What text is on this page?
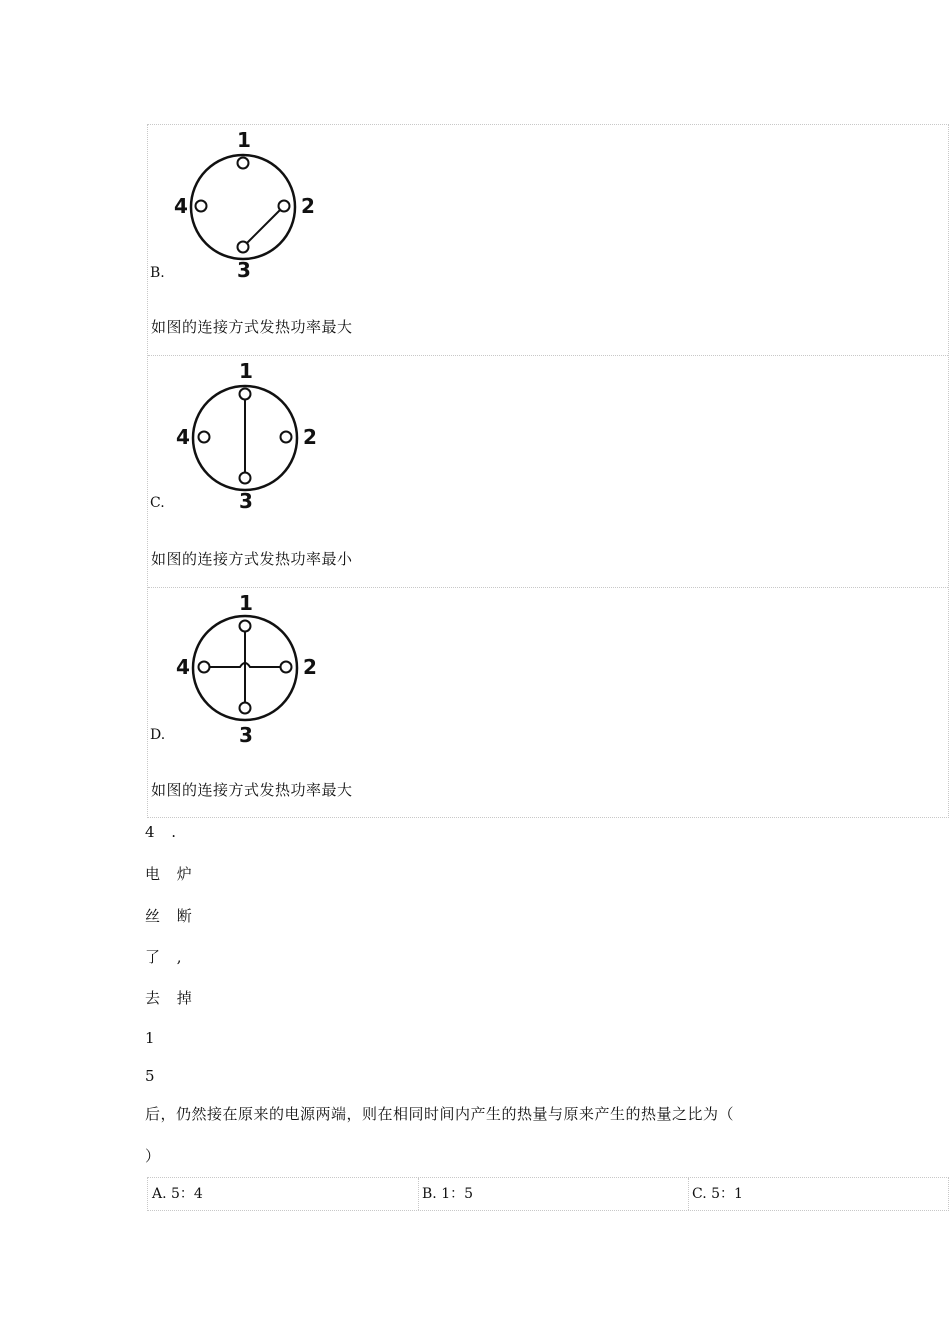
1
2
3
4
B.
如图的连接方式发热功率最大
1
2
3
4
C.
如图的连接方式发热功率最小
1
2
3
4
D.
如图的连接方式发热功率最大
4 .
电 炉
丝 断
了 ,
去 掉
1
5
后，仍然接在原来的电源两端，则在相同时间内产生的热量与原来产生的热量之比为（
）
A. 5：4	B. 1：5	C. 5：1
